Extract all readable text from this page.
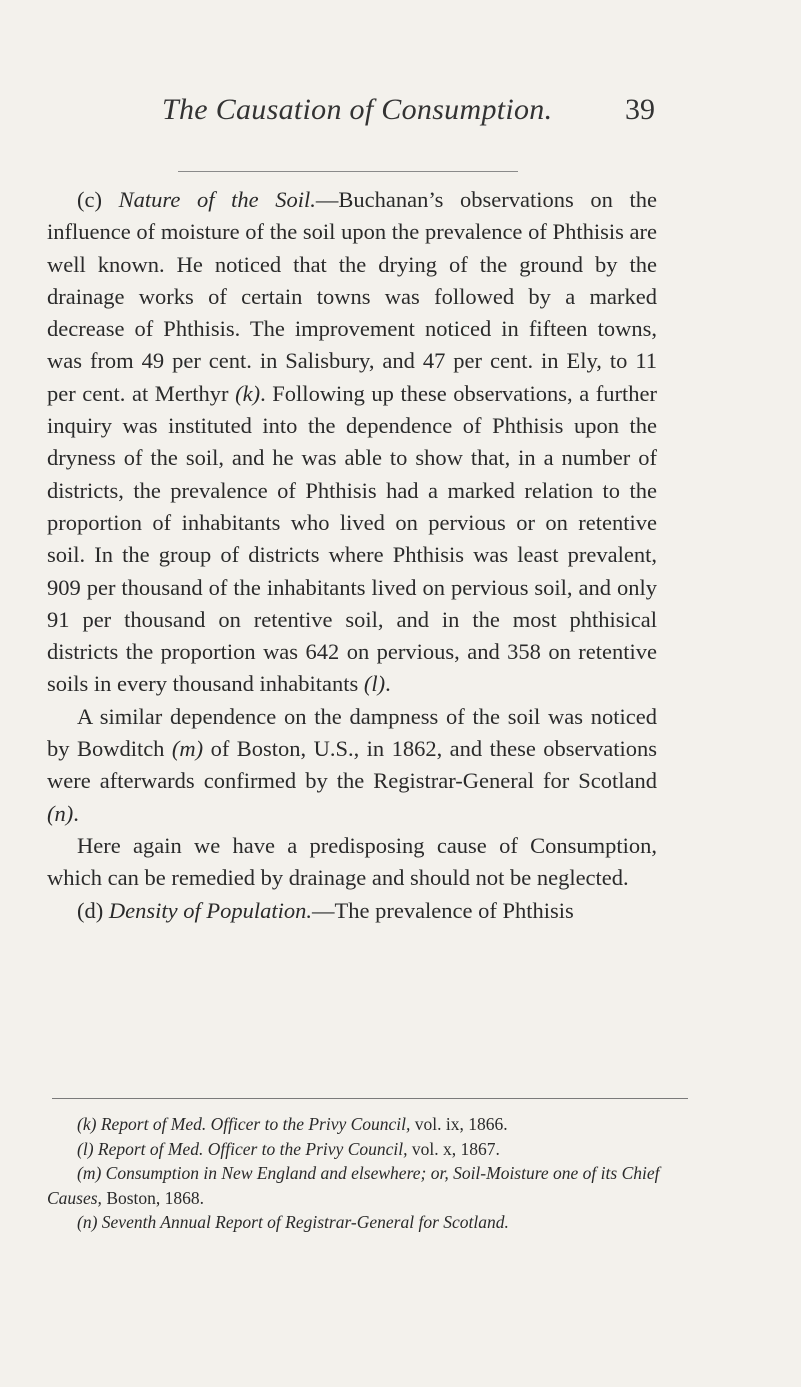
The Causation of Consumption. 39

(c) Nature of the Soil.—Buchanan’s observations on the influence of moisture of the soil upon the prevalence of Phthisis are well known. He noticed that the drying of the ground by the drainage works of certain towns was followed by a marked decrease of Phthisis. The improvement noticed in fifteen towns, was from 49 per cent. in Salisbury, and 47 per cent. in Ely, to 11 per cent. at Merthyr (k). Following up these observations, a further inquiry was instituted into the dependence of Phthisis upon the dryness of the soil, and he was able to show that, in a number of districts, the prevalence of Phthisis had a marked relation to the proportion of inhabitants who lived on pervious or on retentive soil. In the group of districts where Phthisis was least prevalent, 909 per thousand of the inhabitants lived on pervious soil, and only 91 per thousand on retentive soil, and in the most phthisical districts the proportion was 642 on pervious, and 358 on retentive soils in every thousand inhabitants (l).

A similar dependence on the dampness of the soil was noticed by Bowditch (m) of Boston, U.S., in 1862, and these observations were afterwards confirmed by the Registrar-General for Scotland (n).

Here again we have a predisposing cause of Consumption, which can be remedied by drainage and should not be neglected.

(d) Density of Population.—The prevalence of Phthisis

(k) Report of Med. Officer to the Privy Council, vol. ix, 1866.

(l) Report of Med. Officer to the Privy Council, vol. x, 1867.

(m) Consumption in New England and elsewhere; or, Soil-Moisture one of its Chief Causes, Boston, 1868.

(n) Seventh Annual Report of Registrar-General for Scotland.
